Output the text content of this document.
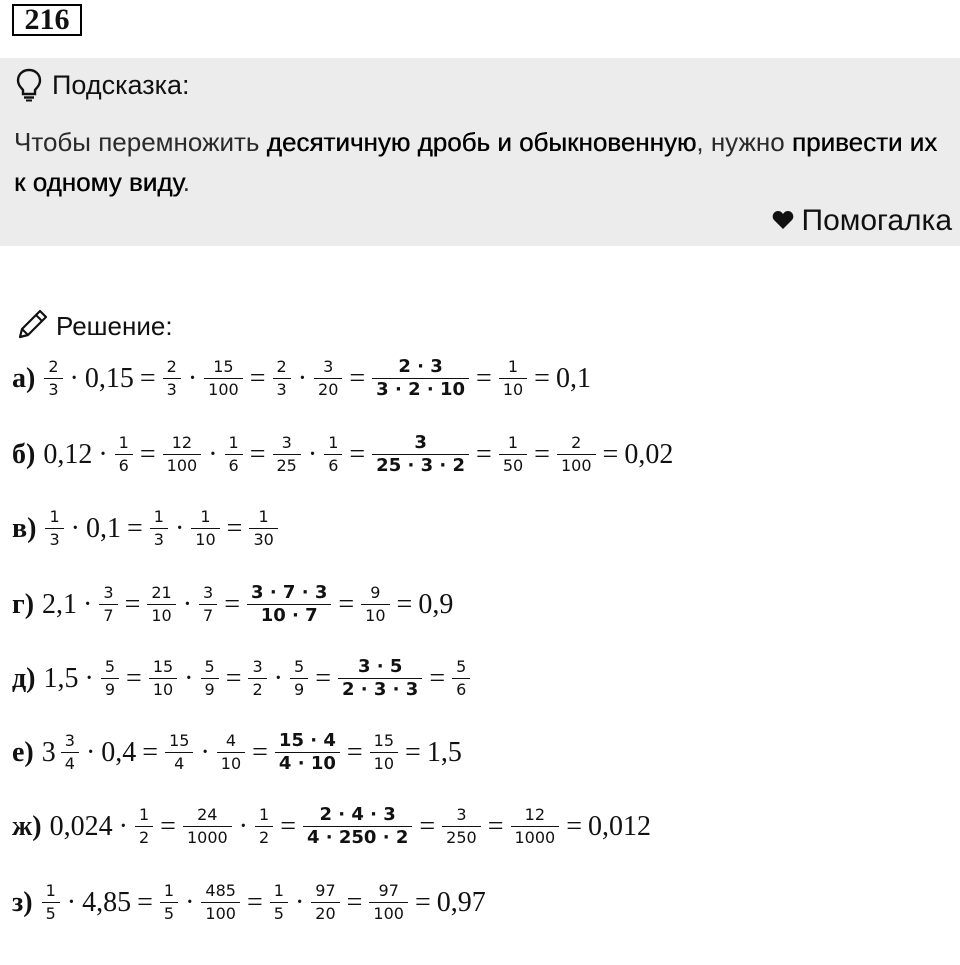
216
Подсказка:
Чтобы перемножить десятичную дробь и обыкновенную, нужно привести их к одному виду.
Помогалка
Решение:
$а) \frac{2}{3} \cdot 0,15 = \frac{2}{3} \cdot \frac{15}{100} = \frac{2}{3} \cdot \frac{3}{20} = \frac{2 \cdot 3}{3 \cdot 2 \cdot 10} = \frac{1}{10} = 0,1$
б) $0,12 \cdot \frac{1}{6} = \frac{12}{100} \cdot \frac{1}{6} = \frac{3}{25} \cdot \frac{1}{6} = \frac{3}{25 \cdot 3 \cdot 2} = \frac{1}{50} = \frac{2}{100} = 0,02$
$в) \frac{1}{3} \cdot 0,1 = \frac{1}{3} \cdot \frac{1}{10} = \frac{1}{30}$
г) $2,1 \cdot \frac{3}{7} = \frac{21}{10} \cdot \frac{3}{7} = \frac{3 \cdot 7 \cdot 3}{10 \cdot 7} = \frac{9}{10} = 0,9$
д) $1,5 \cdot \frac{5}{9} = \frac{15}{10} \cdot \frac{5}{9} = \frac{3}{2} \cdot \frac{5}{9} = \frac{3 \cdot 5}{2 \cdot 3 \cdot 3} = \frac{5}{6}$
е) $3 \frac{3}{4} \cdot 0,4 = \frac{15}{4} \cdot \frac{4}{10} = \frac{15 \cdot 4}{4 \cdot 10} = \frac{15}{10} = 1,5$
ж) $0,024 \cdot \frac{1}{2} = \frac{24}{1000} \cdot \frac{1}{2} = \frac{2 \cdot 4 \cdot 3}{4 \cdot 250 \cdot 2} = \frac{3}{250} = \frac{12}{1000} = 0,012$
$з) \frac{1}{5} \cdot 4,85 = \frac{1}{5} \cdot \frac{485}{100} = \frac{1}{5} \cdot \frac{97}{20} = \frac{97}{100} = 0,97$
